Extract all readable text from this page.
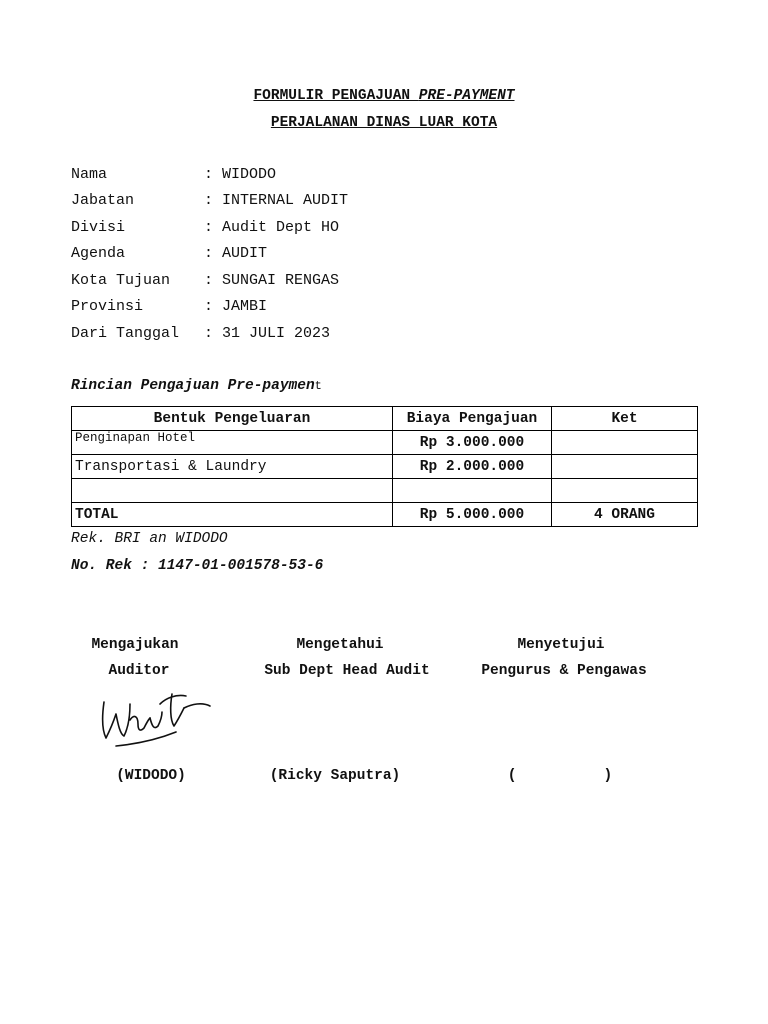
FORMULIR PENGAJUAN PRE-PAYMENT
PERJALANAN DINAS LUAR KOTA
Nama	: WIDODO
Jabatan	: INTERNAL AUDIT
Divisi	: Audit Dept HO
Agenda	: AUDIT
Kota Tujuan : SUNGAI RENGAS
Provinsi	: JAMBI
Dari Tanggal : 31 JULI 2023
Rincian Pengajuan Pre-payment
Bentuk Pengeluaran	Biaya Pengajuan	Ket
Penginapan Hotel	Rp 3.000.000	
Transportasi & Laundry	Rp 2.000.000	

TOTAL	Rp 5.000.000	4 ORANG
Rek. BRI an WIDODO
No. Rek : 1147-01-001578-53-6
Mengajukan	Mengetahui	Menyetujui
Auditor	Sub Dept Head Audit	Pengurus & Pengawas
(WIDODO)	(Ricky Saputra)	(          )
